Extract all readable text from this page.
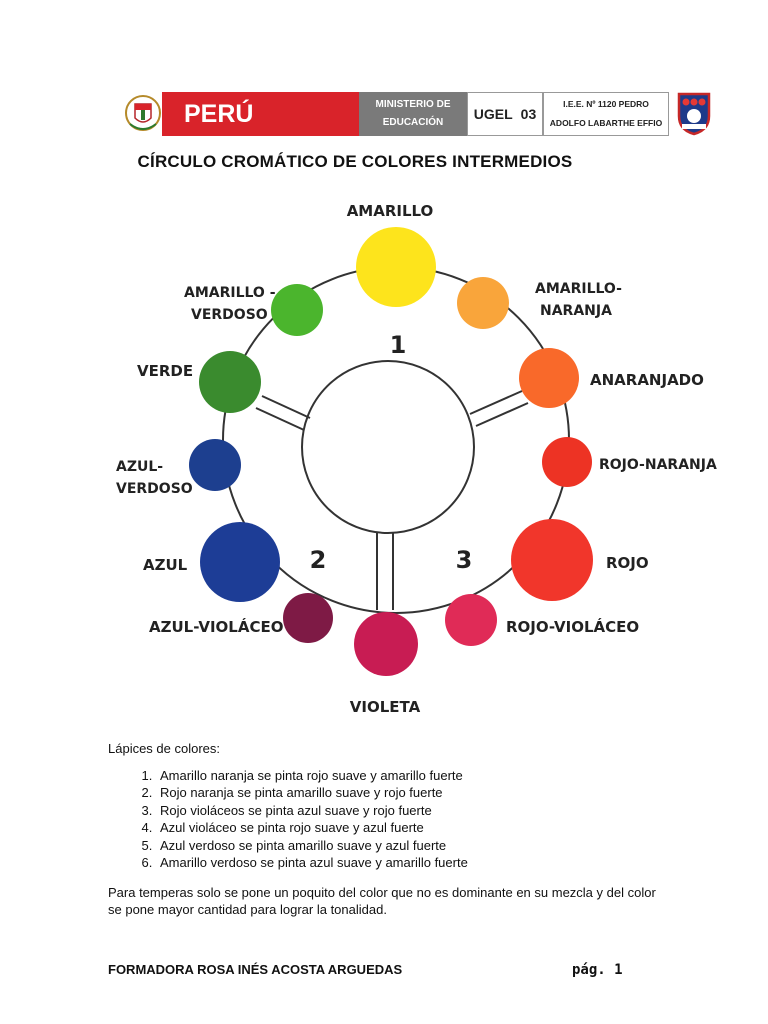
PERÚ	MINISTERIO DE
EDUCACIÓN
UGEL 03
I.E.E. Nº 1120 PEDRO
ADOLFO LABARTHE EFFIO
CÍRCULO CROMÁTICO DE COLORES INTERMEDIOS
1
2	3
AMARILLO
AMARILLO-
NARANJA
ANARANJADO
ROJO-NARANJA
ROJO
ROJO-VIOLÁCEO
VIOLETA
AZUL-VIOLÁCEO
AZUL
AZUL-
VERDOSO
VERDE
AMARILLO -
VERDOSO

Lápices de colores:

1. Amarillo naranja se pinta rojo suave y amarillo fuerte
2. Rojo naranja se pinta amarillo suave y rojo fuerte
3. Rojo violáceos se pinta azul suave y rojo fuerte
4. Azul violáceo se pinta rojo suave y azul fuerte
5. Azul verdoso se pinta amarillo suave y azul fuerte
6. Amarillo verdoso se pinta azul suave y amarillo fuerte

Para temperas solo se pone un poquito del color que no es dominante en su mezcla y del color se pone mayor cantidad para lograr la tonalidad.

FORMADORA ROSA INÉS ACOSTA ARGUEDAS	pág. 1
